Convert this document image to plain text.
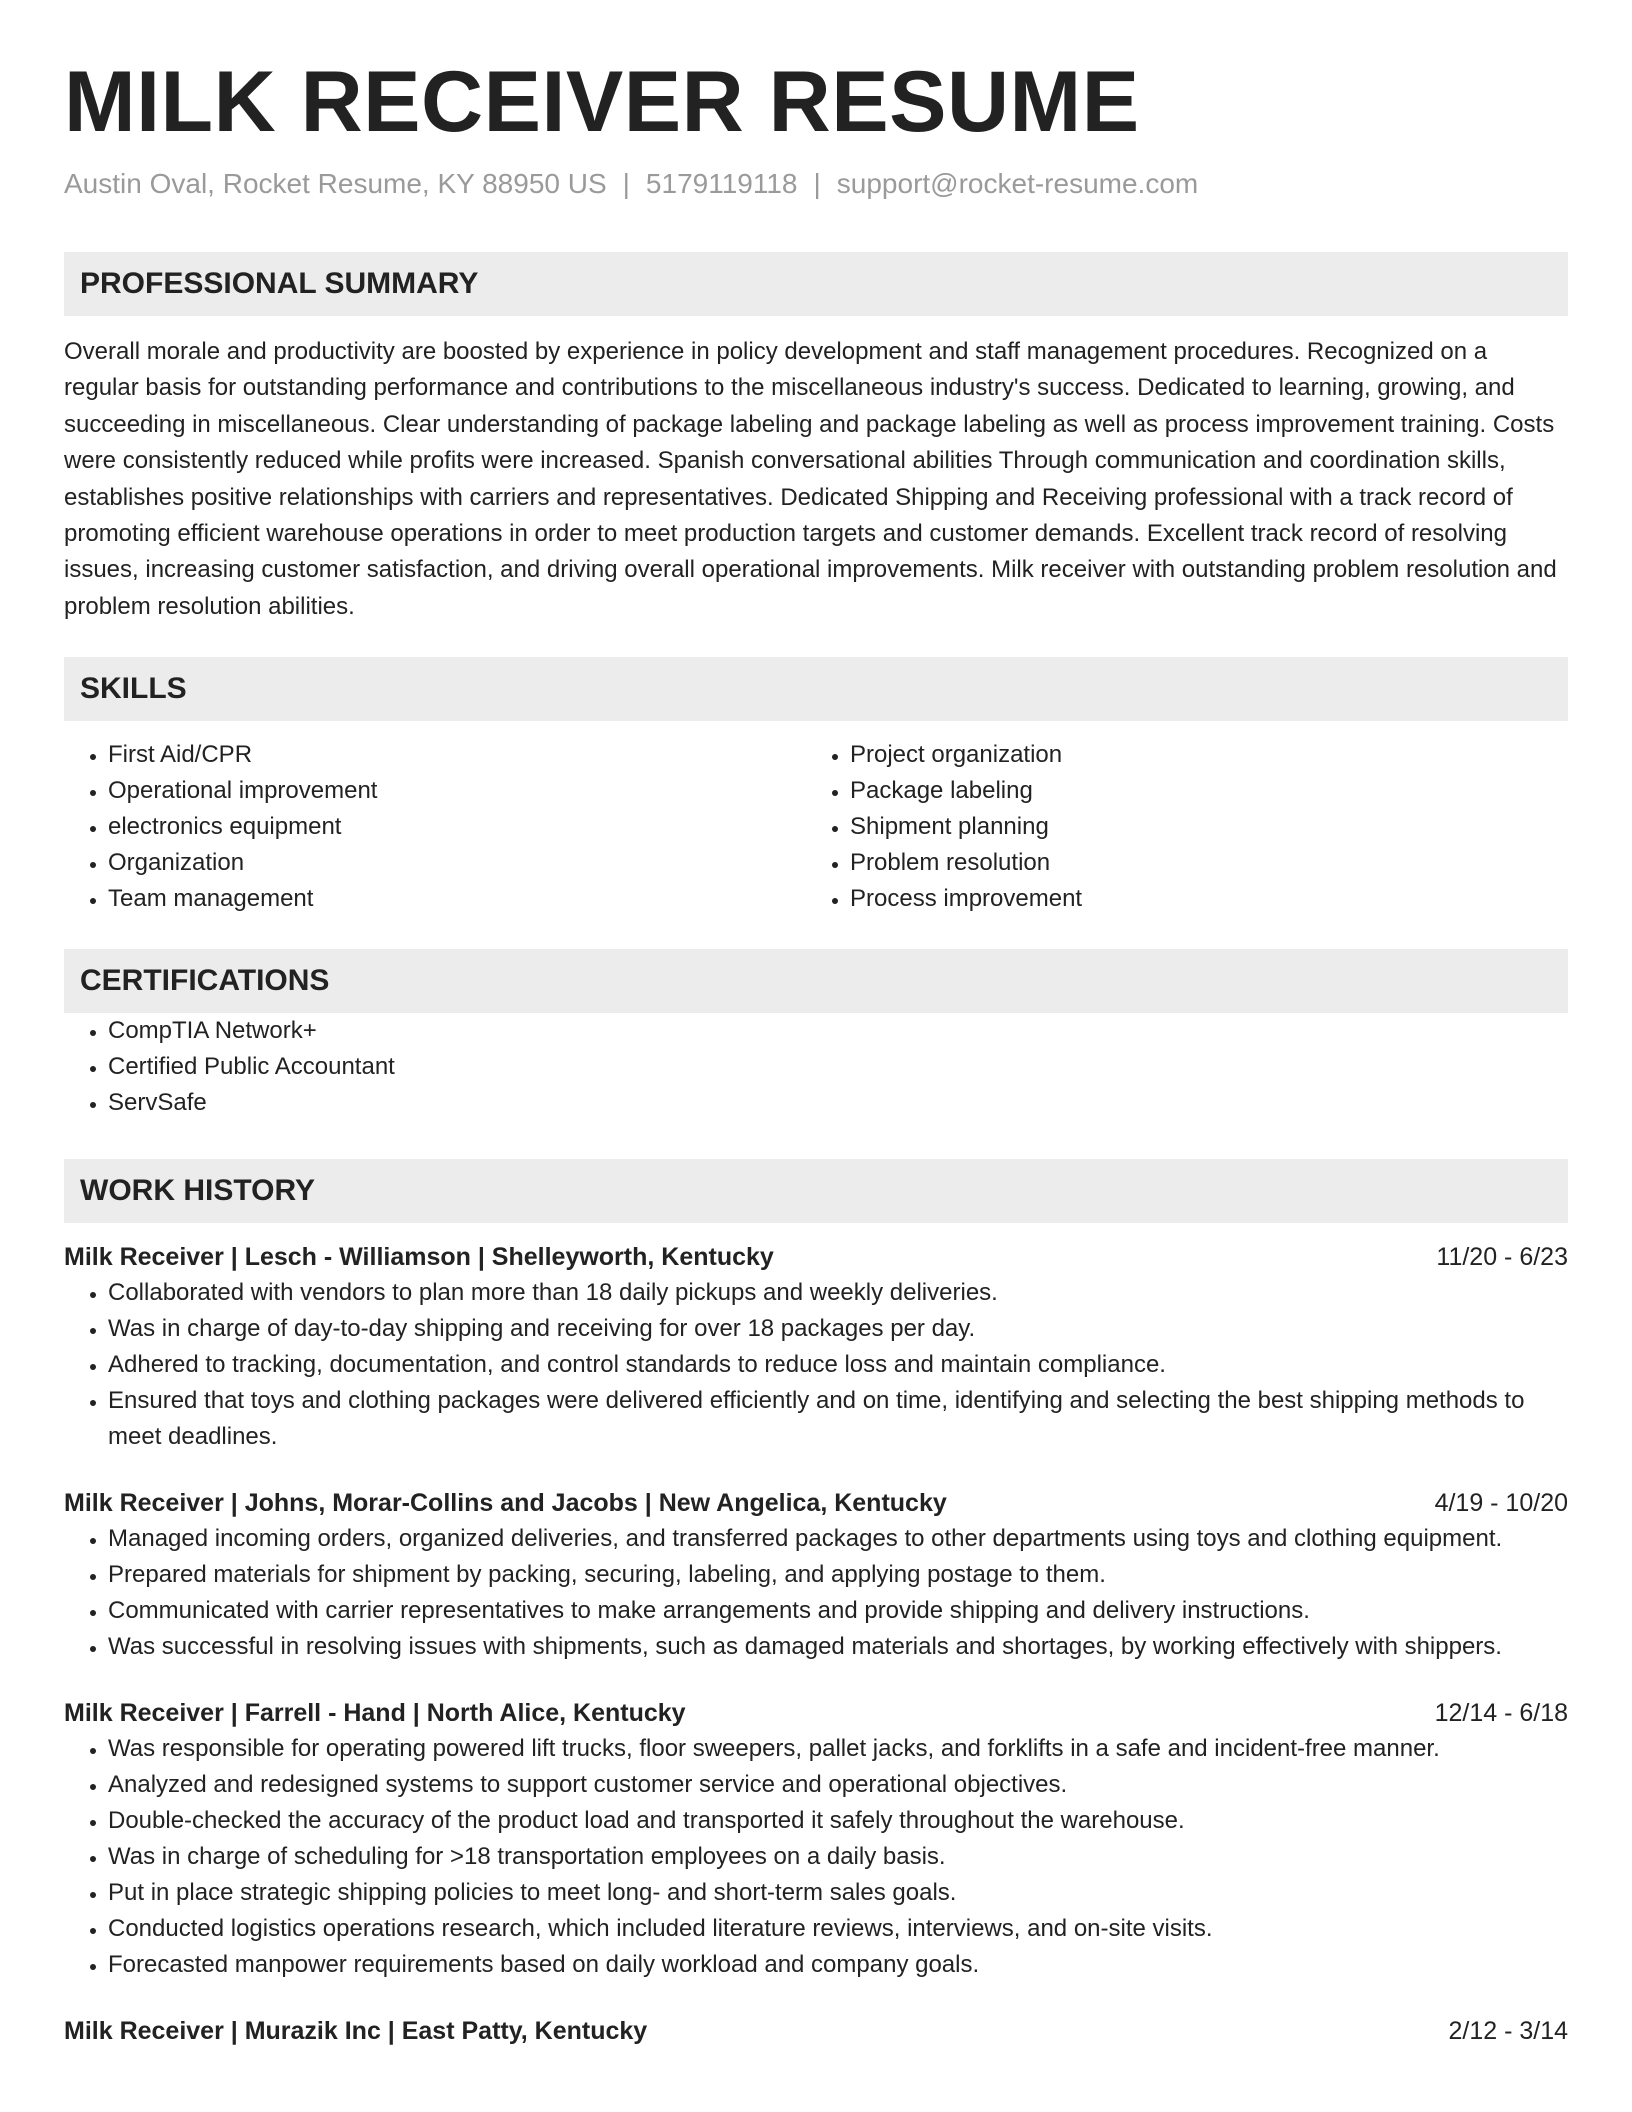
MILK RECEIVER RESUME
Austin Oval, Rocket Resume, KY 88950 US | 5179119118 | support@rocket-resume.com
PROFESSIONAL SUMMARY

Overall morale and productivity are boosted by experience in policy development and staff management procedures. Recognized on a regular basis for outstanding performance and contributions to the miscellaneous industry's success. Dedicated to learning, growing, and succeeding in miscellaneous. Clear understanding of package labeling and package labeling as well as process improvement training. Costs were consistently reduced while profits were increased. Spanish conversational abilities Through communication and coordination skills, establishes positive relationships with carriers and representatives. Dedicated Shipping and Receiving professional with a track record of promoting efficient warehouse operations in order to meet production targets and customer demands. Excellent track record of resolving issues, increasing customer satisfaction, and driving overall operational improvements. Milk receiver with outstanding problem resolution and problem resolution abilities.

SKILLS
• First Aid/CPR
• Operational improvement
• electronics equipment
• Organization
• Team management
• Project organization
• Package labeling
• Shipment planning
• Problem resolution
• Process improvement
CERTIFICATIONS
• CompTIA Network+
• Certified Public Accountant
• ServSafe
WORK HISTORY
Milk Receiver | Lesch - Williamson | Shelleyworth, Kentucky	11/20 - 6/23
• Collaborated with vendors to plan more than 18 daily pickups and weekly deliveries.
• Was in charge of day-to-day shipping and receiving for over 18 packages per day.
• Adhered to tracking, documentation, and control standards to reduce loss and maintain compliance.
• Ensured that toys and clothing packages were delivered efficiently and on time, identifying and selecting the best shipping methods to meet deadlines.
Milk Receiver | Johns, Morar-Collins and Jacobs | New Angelica, Kentucky	4/19 - 10/20
• Managed incoming orders, organized deliveries, and transferred packages to other departments using toys and clothing equipment.
• Prepared materials for shipment by packing, securing, labeling, and applying postage to them.
• Communicated with carrier representatives to make arrangements and provide shipping and delivery instructions.
• Was successful in resolving issues with shipments, such as damaged materials and shortages, by working effectively with shippers.
Milk Receiver | Farrell - Hand | North Alice, Kentucky	12/14 - 6/18
• Was responsible for operating powered lift trucks, floor sweepers, pallet jacks, and forklifts in a safe and incident-free manner.
• Analyzed and redesigned systems to support customer service and operational objectives.
• Double-checked the accuracy of the product load and transported it safely throughout the warehouse.
• Was in charge of scheduling for >18 transportation employees on a daily basis.
• Put in place strategic shipping policies to meet long- and short-term sales goals.
• Conducted logistics operations research, which included literature reviews, interviews, and on-site visits.
• Forecasted manpower requirements based on daily workload and company goals.
Milk Receiver | Murazik Inc | East Patty, Kentucky	2/12 - 3/14
